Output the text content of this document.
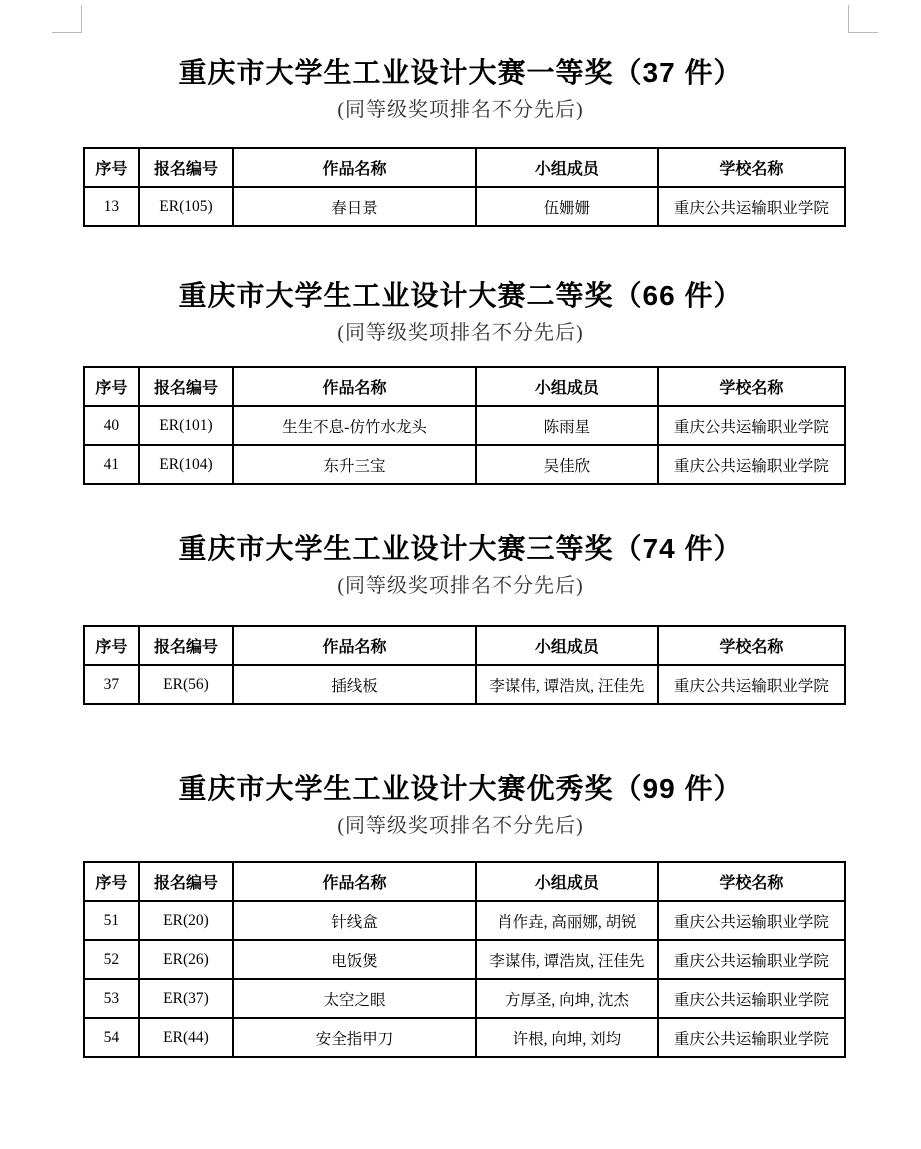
重庆市大学生工业设计大赛一等奖（37 件）
(同等级奖项排名不分先后)
序号	报名编号	作品名称	小组成员	学校名称
13	ER(105)	春日景	伍姗姗	重庆公共运输职业学院
重庆市大学生工业设计大赛二等奖（66 件）
(同等级奖项排名不分先后)
序号	报名编号	作品名称	小组成员	学校名称
40	ER(101)	生生不息-仿竹水龙头	陈雨星	重庆公共运输职业学院
41	ER(104)	东升三宝	吴佳欣	重庆公共运输职业学院
重庆市大学生工业设计大赛三等奖（74 件）
(同等级奖项排名不分先后)
序号	报名编号	作品名称	小组成员	学校名称
37	ER(56)	插线板	李谋伟, 谭浩岚, 汪佳先	重庆公共运输职业学院
重庆市大学生工业设计大赛优秀奖（99 件）
(同等级奖项排名不分先后)
序号	报名编号	作品名称	小组成员	学校名称
51	ER(20)	针线盒	肖作垚, 高丽娜, 胡锐	重庆公共运输职业学院
52	ER(26)	电饭煲	李谋伟, 谭浩岚, 汪佳先	重庆公共运输职业学院
53	ER(37)	太空之眼	方厚圣, 向坤, 沈杰	重庆公共运输职业学院
54	ER(44)	安全指甲刀	许根, 向坤, 刘均	重庆公共运输职业学院
